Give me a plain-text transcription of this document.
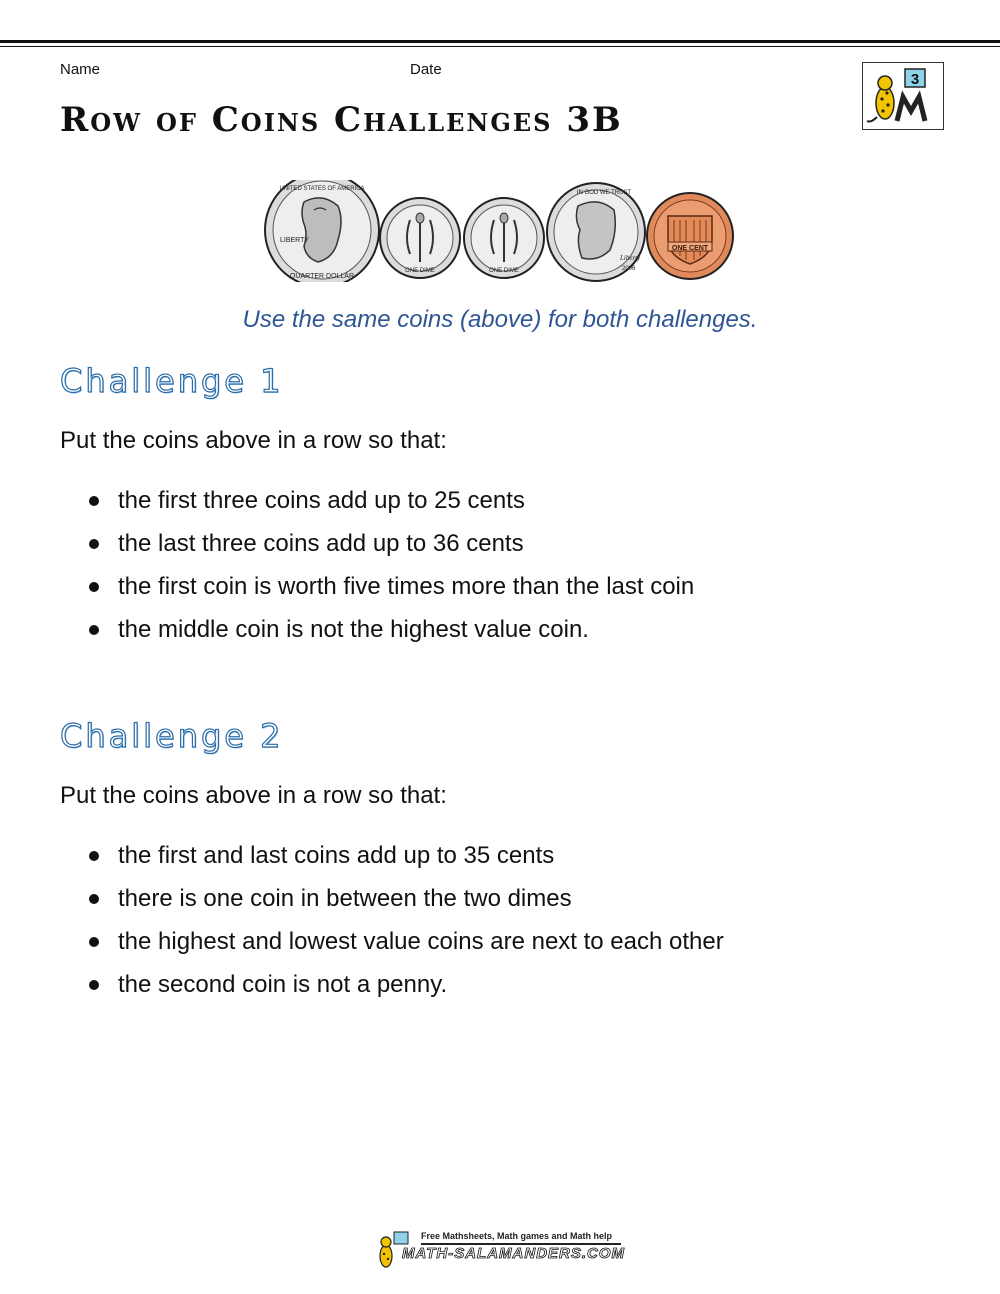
Name	Date
Row of Coins Challenges 3B
3
LIBERTY
QUARTER DOLLAR
UNITED STATES OF AMERICA
ONE DIME	ONE DIME
IN GOD WE TRUST
Liberty
2006
ONE CENT

Use the same coins (above) for both challenges.

Challenge 1

Put the coins above in a row so that:

the first three coins add up to 25 cents
the last three coins add up to 36 cents
the first coin is worth five times more than the last coin
the middle coin is not the highest value coin.
Challenge 2

Put the coins above in a row so that:

the first and last coins add up to 35 cents
there is one coin in between the two dimes
the highest and lowest value coins are next to each other
the second coin is not a penny.
Free Mathsheets, Math games and Math help
MATH-SALAMANDERS.COM
